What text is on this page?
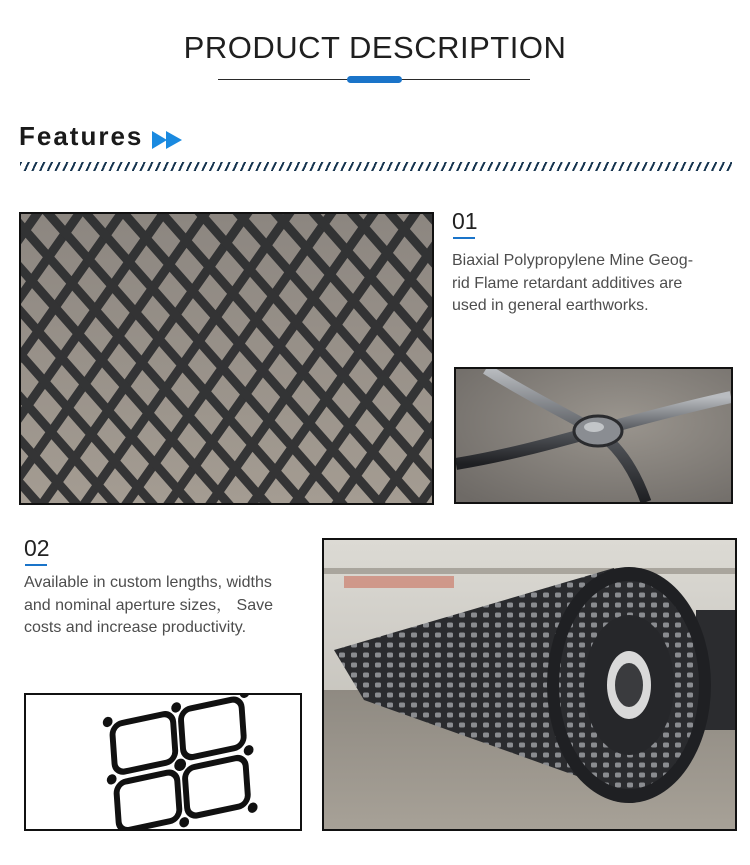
PRODUCT DESCRIPTION
Features
01
Biaxial Polypropylene Mine Geog-
rid Flame retardant additives are
used in general earthworks.
02
Available in custom lengths, widths
and nominal aperture sizes， Save
costs and increase productivity.
